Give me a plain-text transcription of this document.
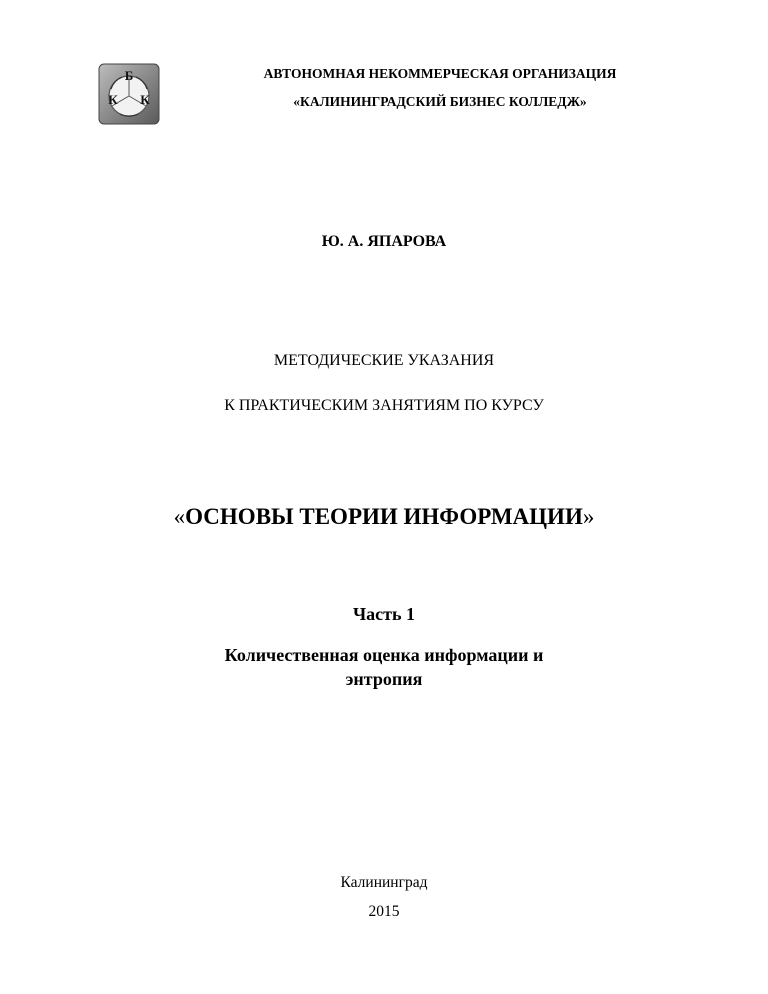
Б
К К
АВТОНОМНАЯ НЕКОММЕРЧЕСКАЯ ОРГАНИЗАЦИЯ
«КАЛИНИНГРАДСКИЙ БИЗНЕС КОЛЛЕДЖ»
Ю. А. ЯПАРОВА
МЕТОДИЧЕСКИЕ УКАЗАНИЯ
К ПРАКТИЧЕСКИМ ЗАНЯТИЯМ ПО КУРСУ
«ОСНОВЫ ТЕОРИИ ИНФОРМАЦИИ»
Часть 1
Количественная оценка информации и
энтропия
Калининград
2015
